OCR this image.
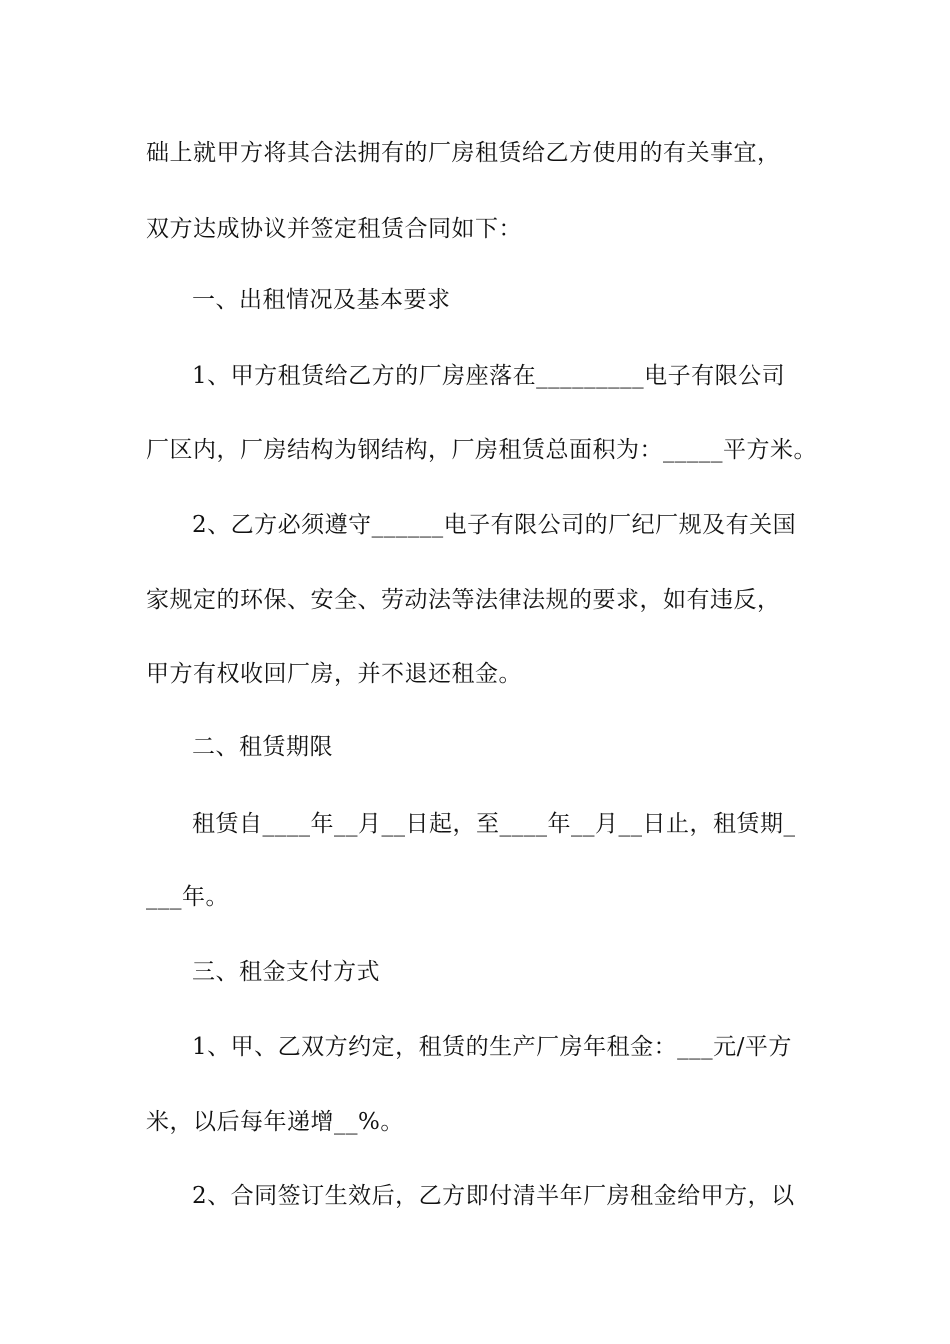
础上就甲方将其合法拥有的厂房租赁给乙方使用的有关事宜，
双方达成协议并签定租赁合同如下：
一、出租情况及基本要求
1、甲方租赁给乙方的厂房座落在_________电子有限公司
厂区内，厂房结构为钢结构，厂房租赁总面积为：_____平方米。
2、乙方必须遵守______电子有限公司的厂纪厂规及有关国
家规定的环保、安全、劳动法等法律法规的要求，如有违反，
甲方有权收回厂房，并不退还租金。
二、租赁期限
租赁自____年__月__日起，至____年__月__日止，租赁期_
___年。
三、租金支付方式
1、甲、乙双方约定，租赁的生产厂房年租金：___元/平方
米，以后每年递增__%。
2、合同签订生效后，乙方即付清半年厂房租金给甲方，以
